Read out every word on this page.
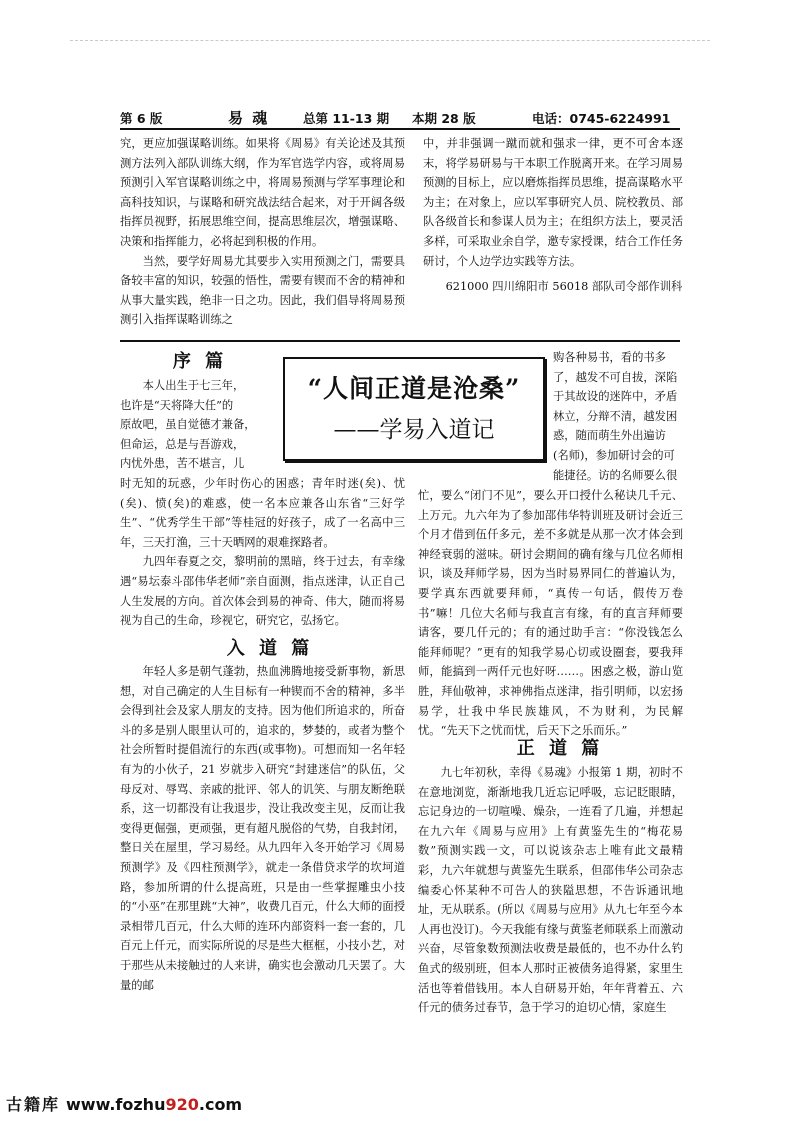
第 6 版	易 魂	总第 11-13 期 本期 28 版	电话：0745-6224991

究，更应加强谋略训练。如果将《周易》有关论述及其预测方法列入部队训练大纲，作为军官选学内容，或将周易预测引入军官谋略训练之中，将周易预测与学军事理论和高科技知识，与谋略和研究战法结合起来，对于开阔各级指挥员视野，拓展思维空间，提高思维层次，增强谋略、决策和指挥能力，必将起到积极的作用。

当然，要学好周易尤其要步入实用预测之门，需要具备较丰富的知识，较强的悟性，需要有锲而不舍的精神和从事大量实践，绝非一日之功。因此，我们倡导将周易预测引入指挥谋略训练之

中，并非强调一蹴而就和强求一律，更不可舍本逐末，将学易研易与干本职工作脱离开来。在学习周易预测的目标上，应以磨炼指挥员思维，提高谋略水平为主；在对象上，应以军事研究人员、院校教员、部队各级首长和参谋人员为主；在组织方法上，要灵活多样，可采取业余自学，邀专家授课，结合工作任务研讨，个人边学边实践等方法。

621000 四川绵阳市 56018 部队司令部作训科

“人间正道是沧桑”
——学易入道记
序 篇

本人出生于七三年，

也许是“天将降大任”的

原故吧，虽自觉德才兼备，

但命运，总是与吾游戏，

内忧外患，苦不堪言，儿

时无知的玩惑，少年时伤心的困惑；青年时迷(矣)、忧(矣)、愤(矣)的难惑，使一名本应兼各山东省“三好学生”、“优秀学生干部”等桂冠的好孩子，成了一名高中三年，三天打渔，三十天晒网的艰难探路者。

九四年春夏之交，黎明前的黑暗，终于过去，有幸缘遇“易坛泰斗邵伟华老师”亲自面测，指点迷津，认正自己人生发展的方向。首次体会到易的神奇、伟大，随而将易视为自己的生命，珍视它，研究它，弘扬它。

入 道 篇

年轻人多是朝气蓬勃，热血沸腾地接受新事物，新思想，对自己确定的人生目标有一种锲而不舍的精神，多半会得到社会及家人朋友的支持。因为他们所追求的，所奋斗的多是别人眼里认可的，追求的，梦婪的，或者为整个社会所暂时提倡流行的东西(或事物)。可想而知一名年轻有为的小伙子，21 岁就步入研究“封建迷信”的队伍，父母反对、辱骂、亲戚的批评、邻人的讥笑、与朋友断绝联系，这一切都没有让我退步，没让我改变主见，反而让我变得更倔强，更顽强，更有超凡脱俗的气势，自我封闭，整日关在屋里，学习易经。从九四年入冬开始学习《周易预测学》及《四柱预测学》，就走一条借贷求学的坎坷道路，参加所谓的什么提高班，只是由一些掌握雕虫小技的“小巫”在那里跳“大神”，收费几百元，什么大师的面授录相带几百元，什么大师的连环内部资料一套一套的，几百元上仟元，而实际所说的尽是些大框框，小技小艺，对于那些从未接触过的人来讲，确实也会激动几天罢了。大量的邮

购各种易书，看的书多

了，越发不可自拔，深陷

于其故设的迷阵中，矛盾

林立，分辩不清，越发困

惑，随而萌生外出遍访

(名师)，参加研讨会的可

能捷径。访的名师要么很

忙，要么“闭门不见”，要么开口授什么秘诀几千元、上万元。九六年为了参加邵伟华特训班及研讨会近三个月才借到伍仟多元，差不多就是从那一次才体会到神经衰弱的滋味。研讨会期间的确有缘与几位名师相识，谈及拜师学易，因为当时易界同仁的普遍认为，要学真东西就要拜师，“真传一句话，假传万卷书”嘛！几位大名师与我直言有缘，有的直言拜师要请客，要几仟元的；有的通过助手言：“你没钱怎么能拜师呢？”更有的知我学易心切或设圈套，要我拜师，能搞到一两仟元也好呀……。困惑之极，游山览胜，拜仙敬神，求神佛指点迷津，指引明师，以宏扬易学，壮我中华民族雄风，不为财利，为民解忧。“先天下之忧而忧，后天下之乐而乐。”

正 道 篇

九七年初秋，幸得《易魂》小报第 1 期，初时不在意地浏览，渐渐地我几近忘记呼吸，忘记眨眼睛，忘记身边的一切喧噪、燥杂，一连看了几遍，并想起在九六年《周易与应用》上有黄鉴先生的“梅花易数”预测实践一文，可以说该杂志上唯有此文最精彩，九六年就想与黄鉴先生联系，但邵伟华公司杂志编委心怀某种不可告人的狭隘思想，不告诉通讯地址，无从联系。(所以《周易与应用》从九七年至今本人再也没订)。今天我能有缘与黄鉴老师联系上而激动兴奋，尽管象数预测法收费是最低的，也不办什么钓鱼式的级别班，但本人那时正被债务追得紧，家里生活也等着借钱用。本人自研易开始，年年背着五、六仟元的债务过春节，急于学习的迫切心情，家庭生

古籍库 www.fozhu920.com
